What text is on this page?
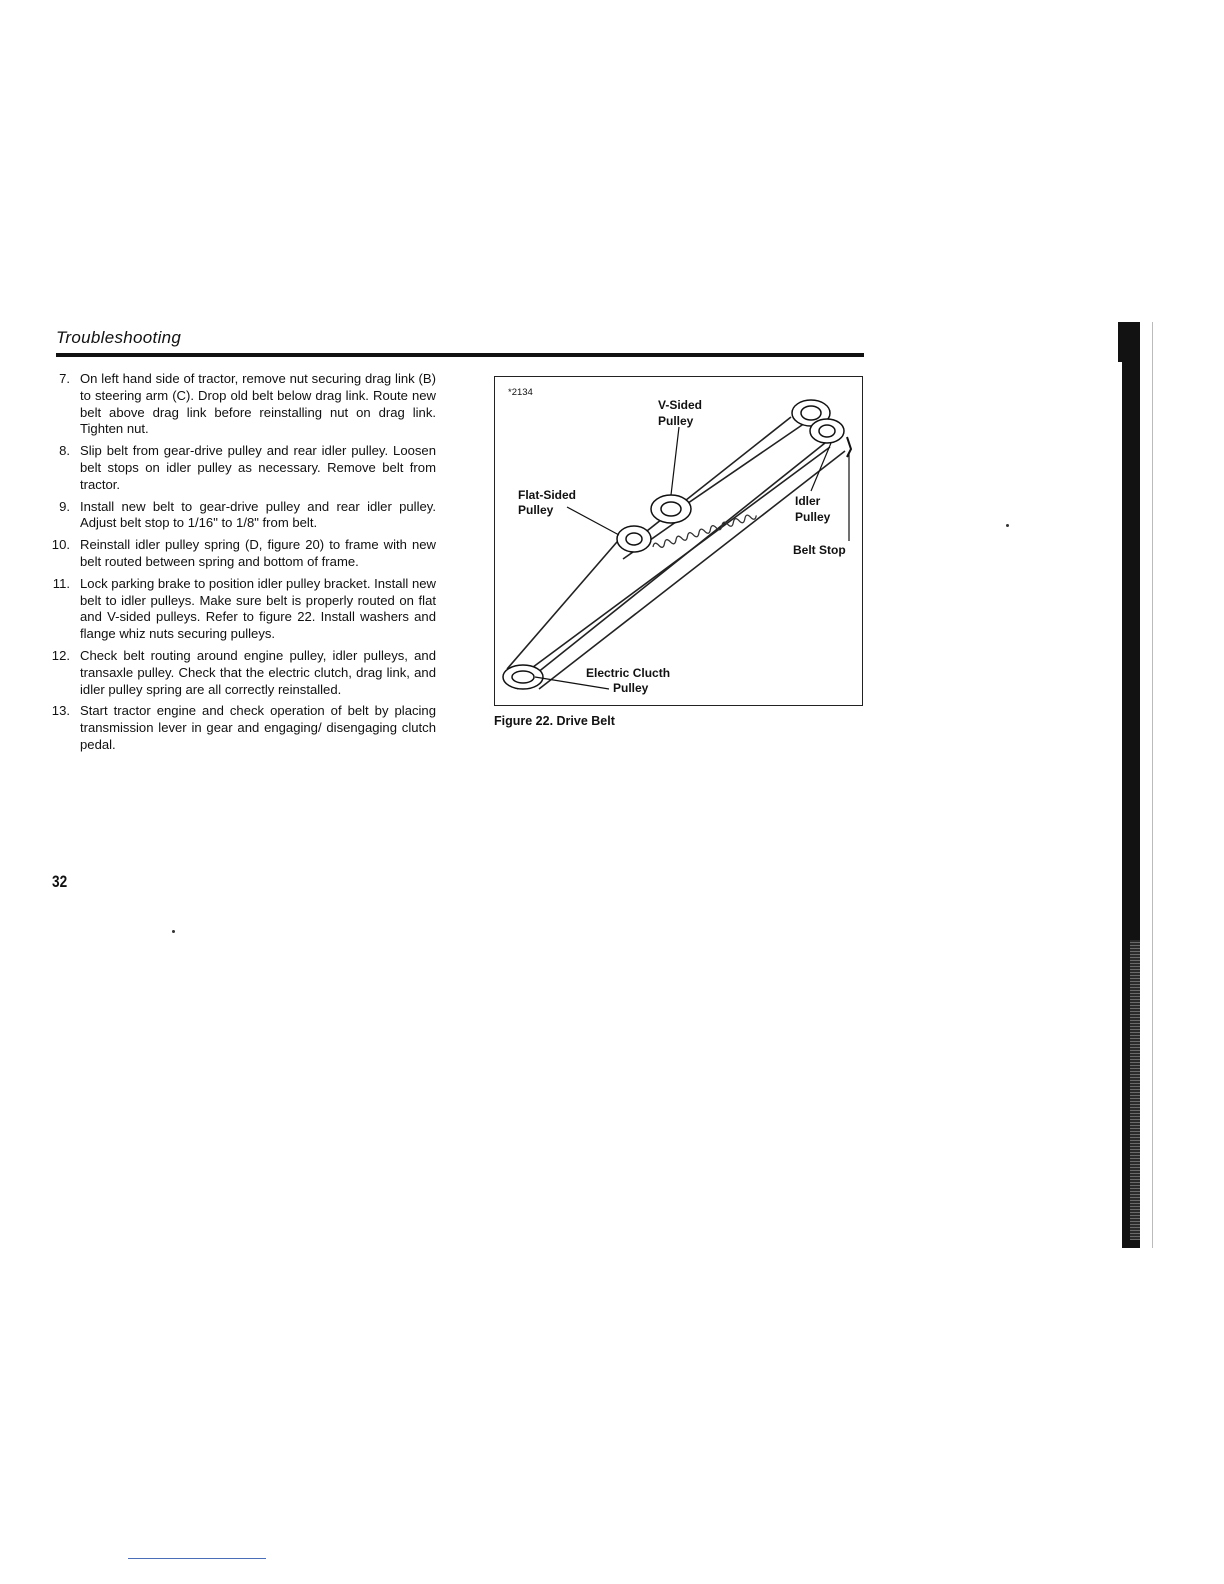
Troubleshooting
7. On left hand side of tractor, remove nut securing drag link (B) to steering arm (C). Drop old belt below drag link. Route new belt above drag link before reinstalling nut on drag link. Tighten nut.
8. Slip belt from gear-drive pulley and rear idler pulley. Loosen belt stops on idler pulley as necessary. Remove belt from tractor.
9. Install new belt to gear-drive pulley and rear idler pulley. Adjust belt stop to 1/16" to 1/8" from belt.
10. Reinstall idler pulley spring (D, figure 20) to frame with new belt routed between spring and bottom of frame.
11. Lock parking brake to position idler pulley bracket. Install new belt to idler pulleys. Make sure belt is properly routed on flat and V-sided pulleys. Refer to figure 22. Install washers and flange whiz nuts securing pulleys.
12. Check belt routing around engine pulley, idler pulleys, and transaxle pulley. Check that the electric clutch, drag link, and idler pulley spring are all correctly reinstalled.
13. Start tractor engine and check operation of belt by placing transmission lever in gear and engaging/ disengaging clutch pedal.
*2134
V-Sided
Pulley
Flat-Sided
Pulley
Idler
Pulley
Belt Stop
Electric Clucth
Pulley
Figure 22. Drive Belt
32
